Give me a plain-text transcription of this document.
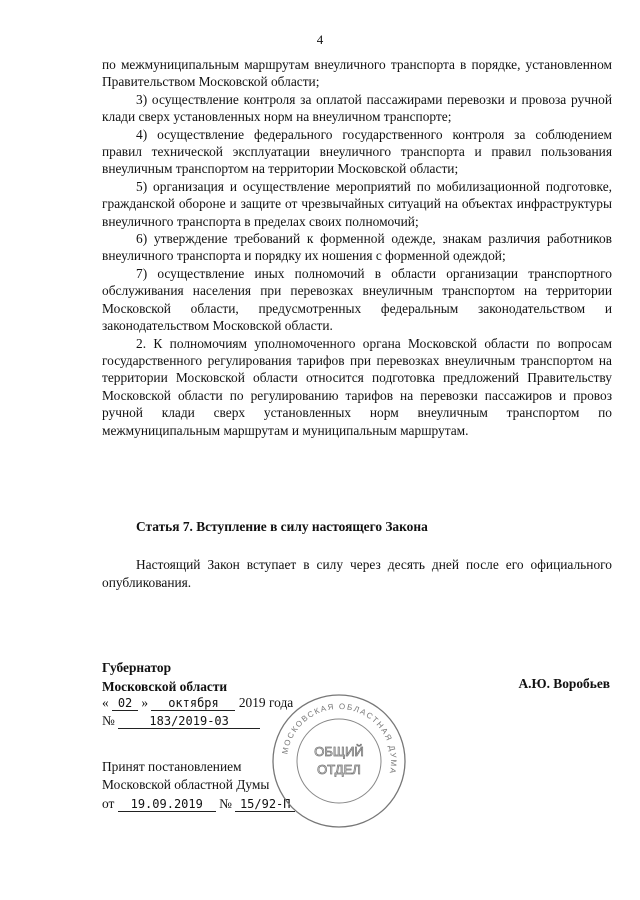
4

по межмуниципальным маршрутам внеуличного транспорта в порядке, установленном Правительством Московской области;

3) осуществление контроля за оплатой пассажирами перевозки и провоза ручной клади сверх установленных норм на внеуличном транспорте;

4) осуществление федерального государственного контроля за соблюдением правил технической эксплуатации внеуличного транспорта и правил пользования внеуличным транспортом на территории Московской области;

5) организация и осуществление мероприятий по мобилизационной подготовке, гражданской обороне и защите от чрезвычайных ситуаций на объектах инфраструктуры внеуличного транспорта в пределах своих полномочий;

6) утверждение требований к форменной одежде, знакам различия работников внеуличного транспорта и порядку их ношения с форменной одеждой;

7) осуществление иных полномочий в области организации транспортного обслуживания населения при перевозках внеуличным транспортом на территории Московской области, предусмотренных федеральным законодательством и законодательством Московской области.

2. К полномочиям уполномоченного органа Московской области по вопросам государственного регулирования тарифов при перевозках внеуличным транспортом на территории Московской области относится подготовка предложений Правительству Московской области по регулированию тарифов на перевозки пассажиров и провоз ручной клади сверх установленных норм внеуличным транспортом по межмуниципальным маршрутам и муниципальным маршрутам.

Статья 7. Вступление в силу настоящего Закона

Настоящий Закон вступает в силу через десять дней после его официального опубликования.

Губернатор
Московской области	А.Ю. Воробьев
« 02 » октября 2019 года
№	183/2019-03
Принят постановлением
Московской областной Думы
от 19.09.2019 № 15/92-П
МОСКОВСКАЯ ОБЛАСТНАЯ ДУМА
ОБЩИЙ
ОТДЕЛ
